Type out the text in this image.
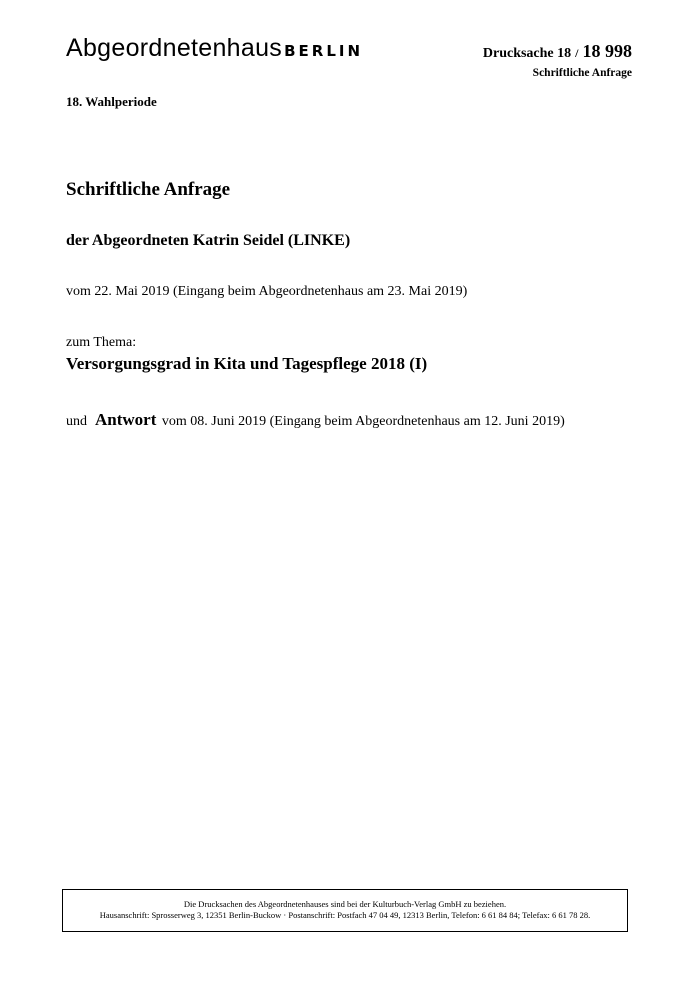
Abgeordnetenhaus BERLIN	Drucksache 18 / 18 998
Schriftliche Anfrage
18. Wahlperiode
Schriftliche Anfrage
der Abgeordneten Katrin Seidel (LINKE)
vom 22. Mai 2019 (Eingang beim Abgeordnetenhaus am 23. Mai 2019)
zum Thema:
Versorgungsgrad in Kita und Tagespflege 2018 (I)
und Antwort vom 08. Juni 2019 (Eingang beim Abgeordnetenhaus am 12. Juni 2019)
Die Drucksachen des Abgeordnetenhauses sind bei der Kulturbuch-Verlag GmbH zu beziehen.
Hausanschrift: Sprosserweg 3, 12351 Berlin-Buckow · Postanschrift: Postfach 47 04 49, 12313 Berlin, Telefon: 6 61 84 84; Telefax: 6 61 78 28.
